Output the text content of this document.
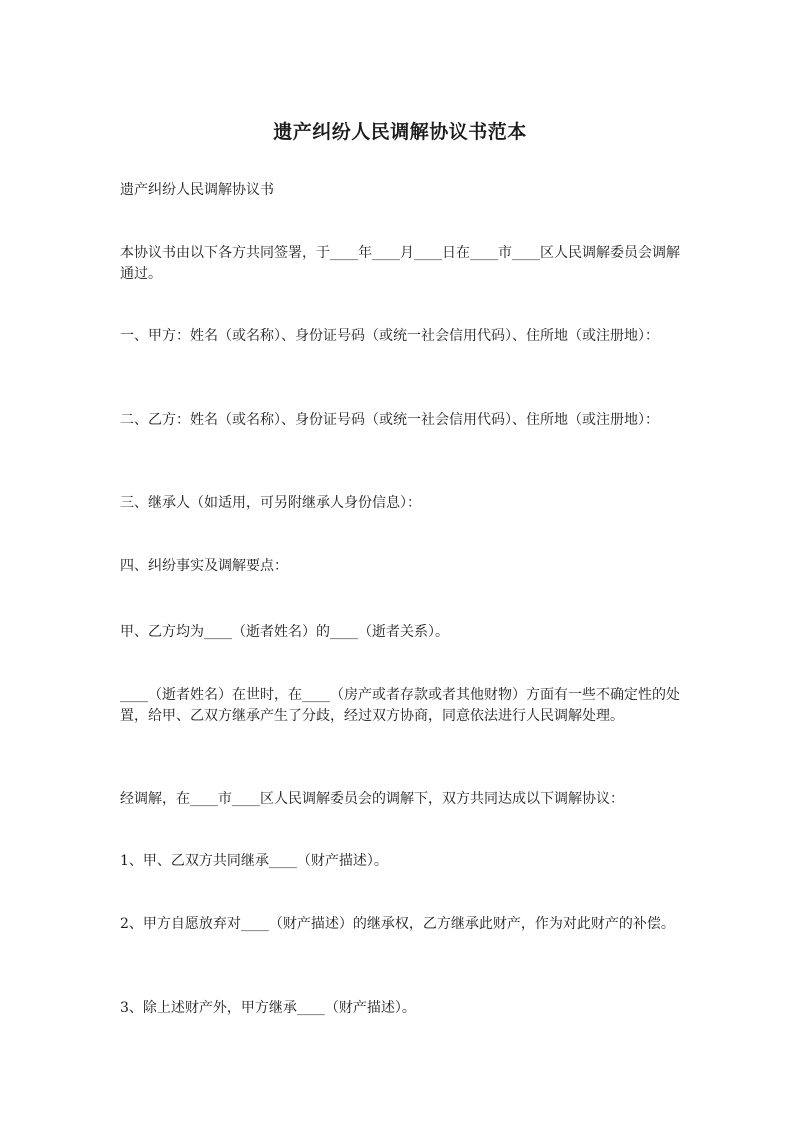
遗产纠纷人民调解协议书范本
遗产纠纷人民调解协议书
本协议书由以下各方共同签署，于____年____月____日在____市____区人民调解委员会调解通过。
一、甲方：姓名（或名称）、身份证号码（或统一社会信用代码）、住所地（或注册地）：
二、乙方：姓名（或名称）、身份证号码（或统一社会信用代码）、住所地（或注册地）：
三、继承人（如适用，可另附继承人身份信息）：
四、纠纷事实及调解要点：
甲、乙方均为____（逝者姓名）的____（逝者关系）。
____（逝者姓名）在世时，在____（房产或者存款或者其他财物）方面有一些不确定性的处置，给甲、乙双方继承产生了分歧，经过双方协商，同意依法进行人民调解处理。
经调解，在____市____区人民调解委员会的调解下，双方共同达成以下调解协议：
1、甲、乙双方共同继承____（财产描述）。
2、甲方自愿放弃对____（财产描述）的继承权，乙方继承此财产，作为对此财产的补偿。
3、除上述财产外，甲方继承____（财产描述）。
